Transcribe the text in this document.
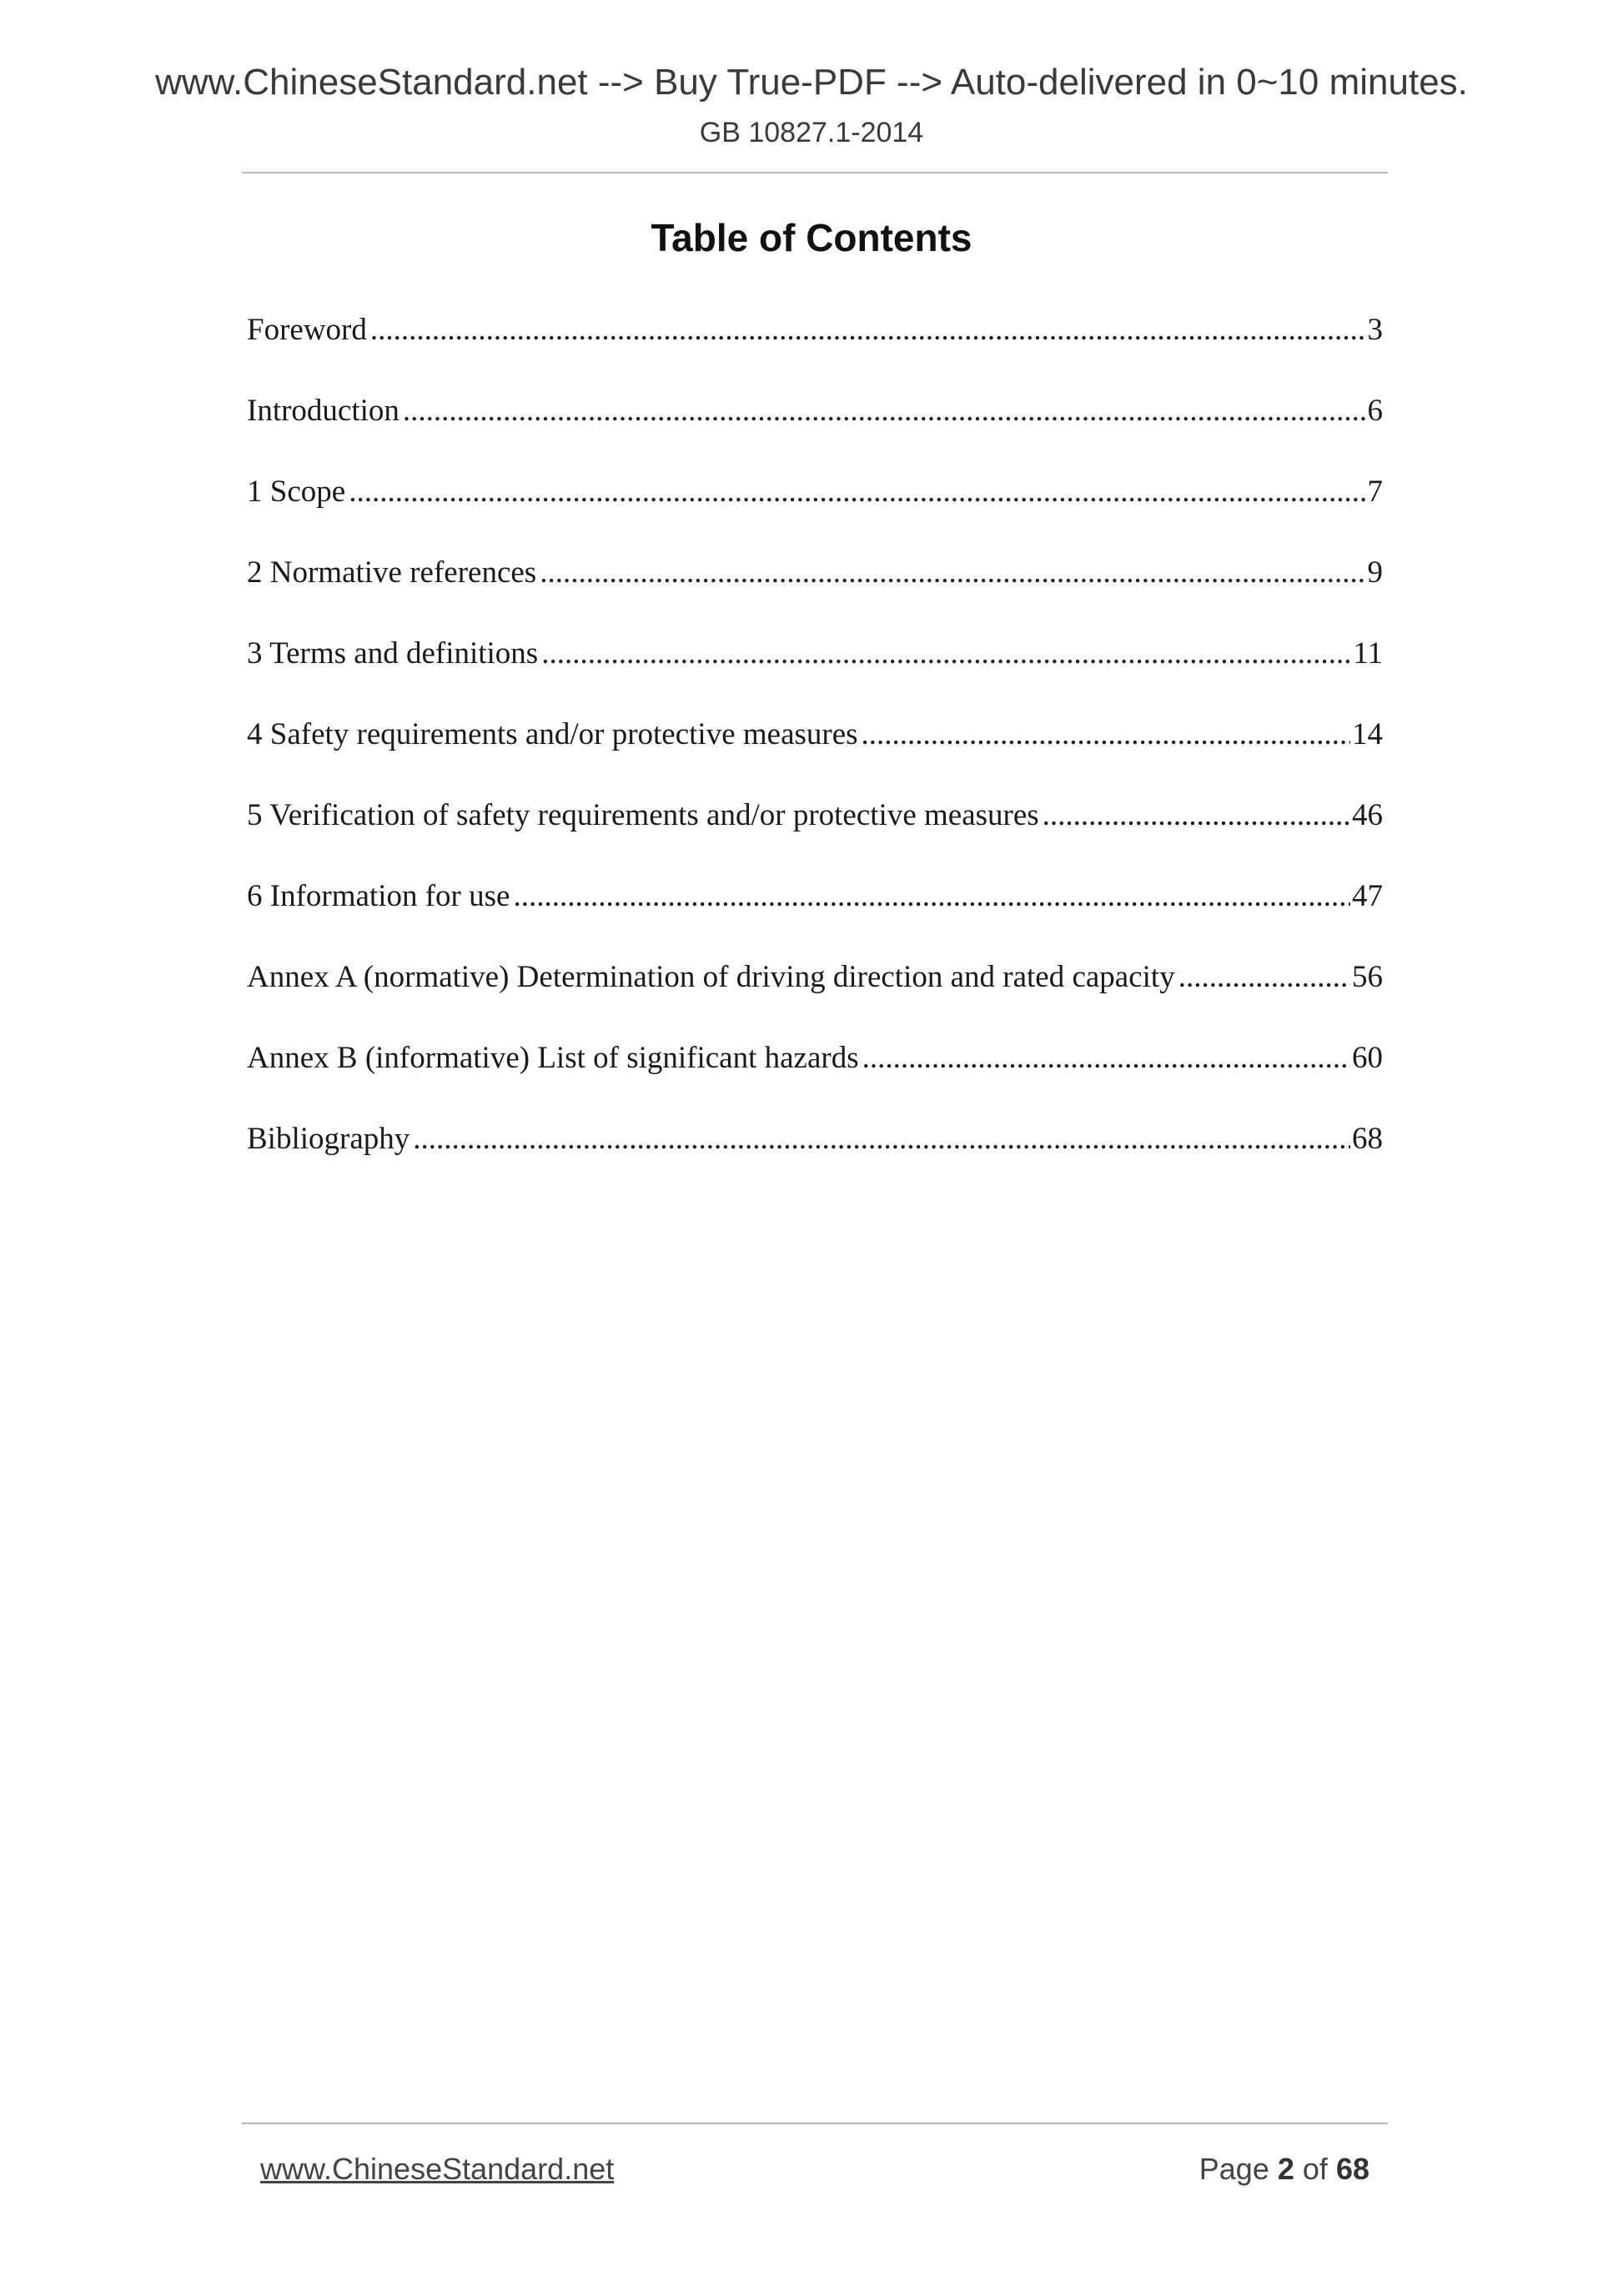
www.ChineseStandard.net --> Buy True-PDF --> Auto-delivered in 0~10 minutes.
GB 10827.1-2014
Table of Contents
Foreword .....	3
Introduction .....	6
1 Scope .....	7
2 Normative references .....	9
3 Terms and definitions .....	11
4 Safety requirements and/or protective measures .....	14
5 Verification of safety requirements and/or protective measures .....	46
6 Information for use .....	47
Annex A (normative) Determination of driving direction and rated capacity .....	56
Annex B (informative) List of significant hazards .....	60
Bibliography .....	68
www.ChineseStandard.net	Page 2 of 68
